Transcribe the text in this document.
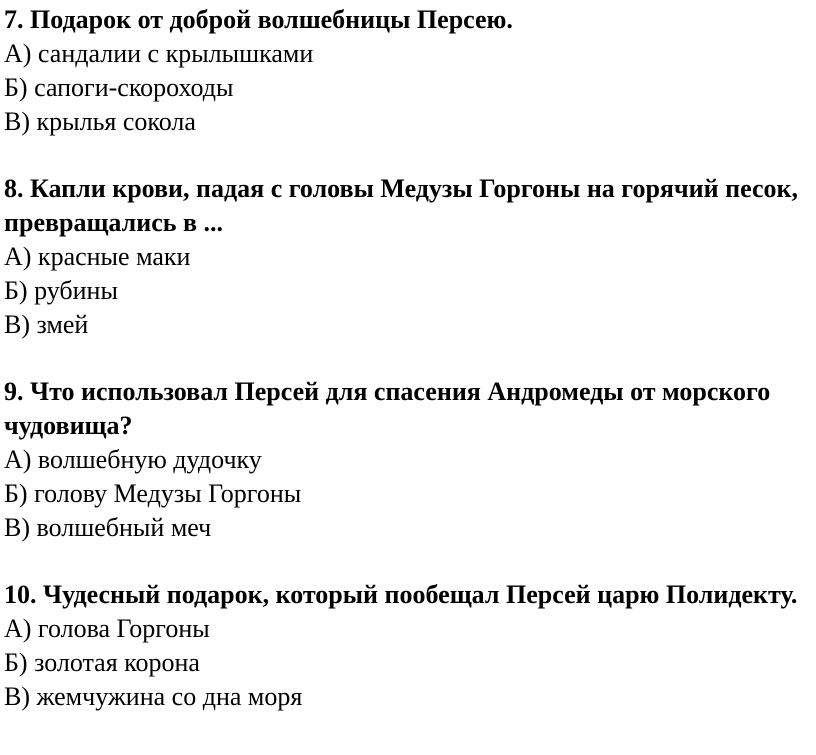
7. Подарок от доброй волшебницы Персею.

А) сандалии с крылышками
Б) сапоги-скороходы
В) крылья сокола

8. Капли крови, падая с головы Медузы Горгоны на горячий песок, превращались в ...

А) красные маки
Б) рубины
В) змей

9. Что использовал Персей для спасения Андромеды от морского чудовища?

А) волшебную дудочку
Б) голову Медузы Горгоны
В) волшебный меч

10. Чудесный подарок, который пообещал Персей царю Полидекту.

А) голова Горгоны
Б) золотая корона
В) жемчужина со дна моря
